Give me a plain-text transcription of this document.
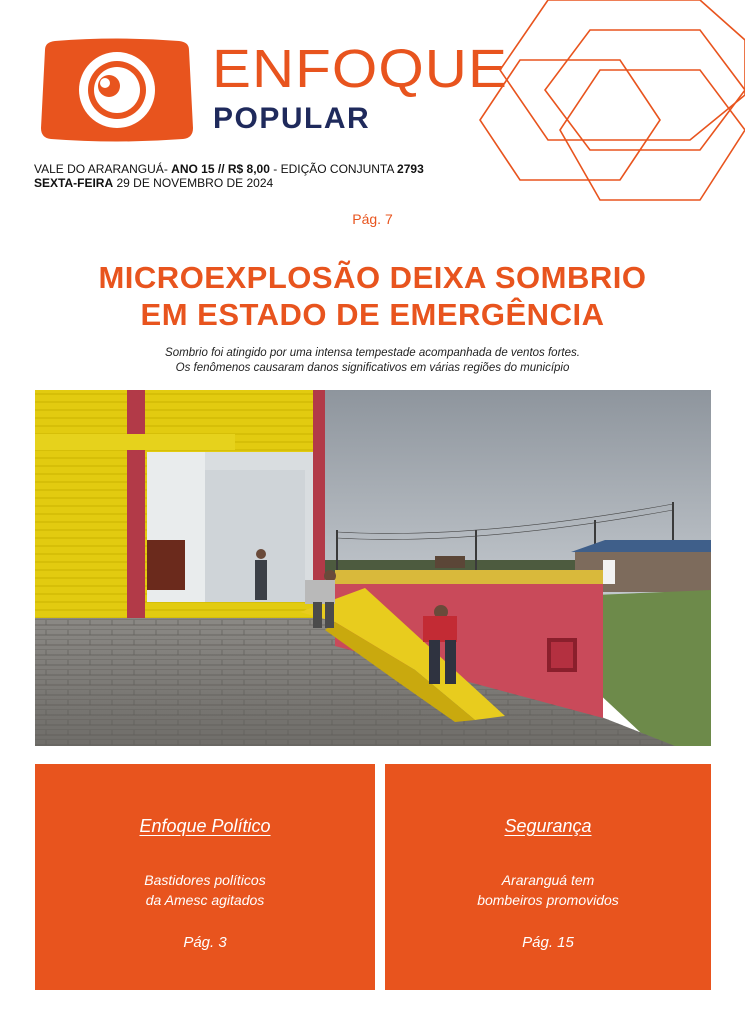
ENFOQUE
POPULAR
VALE DO ARARANGUÁ- ANO 15 // R$ 8,00 - EDIÇÃO CONJUNTA 2793
SEXTA-FEIRA 29 DE NOVEMBRO DE 2024
Pág. 7
MICROEXPLOSÃO DEIXA SOMBRIO
EM ESTADO DE EMERGÊNCIA
Sombrio foi atingido por uma intensa tempestade acompanhada de ventos fortes.
Os fenômenos causaram danos significativos em várias regiões do município
Enfoque Político
Bastidores políticos
da Amesc agitados
Pág. 3
Segurança
Araranguá tem
bombeiros promovidos
Pág. 15
